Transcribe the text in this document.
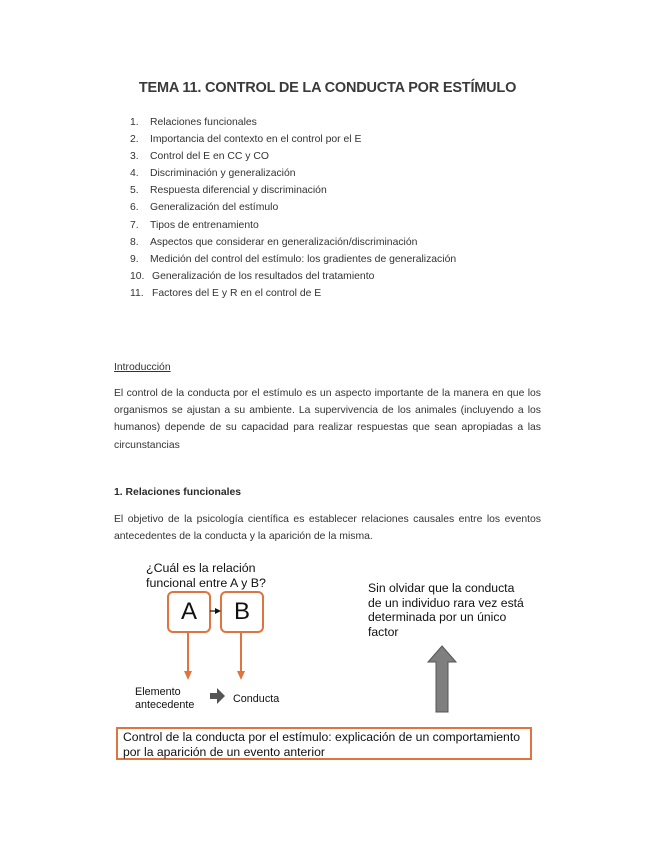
TEMA 11. CONTROL DE LA CONDUCTA POR ESTÍMULO
1. Relaciones funcionales
2. Importancia del contexto en el control por el E
3. Control del E en CC y CO
4. Discriminación y generalización
5. Respuesta diferencial y discriminación
6. Generalización del estímulo
7. Tipos de entrenamiento
8. Aspectos que considerar en generalización/discriminación
9. Medición del control del estímulo: los gradientes de generalización
10. Generalización de los resultados del tratamiento
11. Factores del E y R en el control de E
Introducción
El control de la conducta por el estímulo es un aspecto importante de la manera en que los organismos se ajustan a su ambiente. La supervivencia de los animales (incluyendo a los humanos) depende de su capacidad para realizar respuestas que sean apropiadas a las circunstancias
1. Relaciones funcionales
El objetivo de la psicología científica es establecer relaciones causales entre los eventos antecedentes de la conducta y la aparición de la misma.
¿Cuál es la relación
funcional entre A y B?
A	B
Elemento
antecedente	Conducta
Sin olvidar que la conducta
de un individuo rara vez está
determinada por un único
factor
Control de la conducta por el estímulo: explicación de un comportamiento
por la aparición de un evento anterior
